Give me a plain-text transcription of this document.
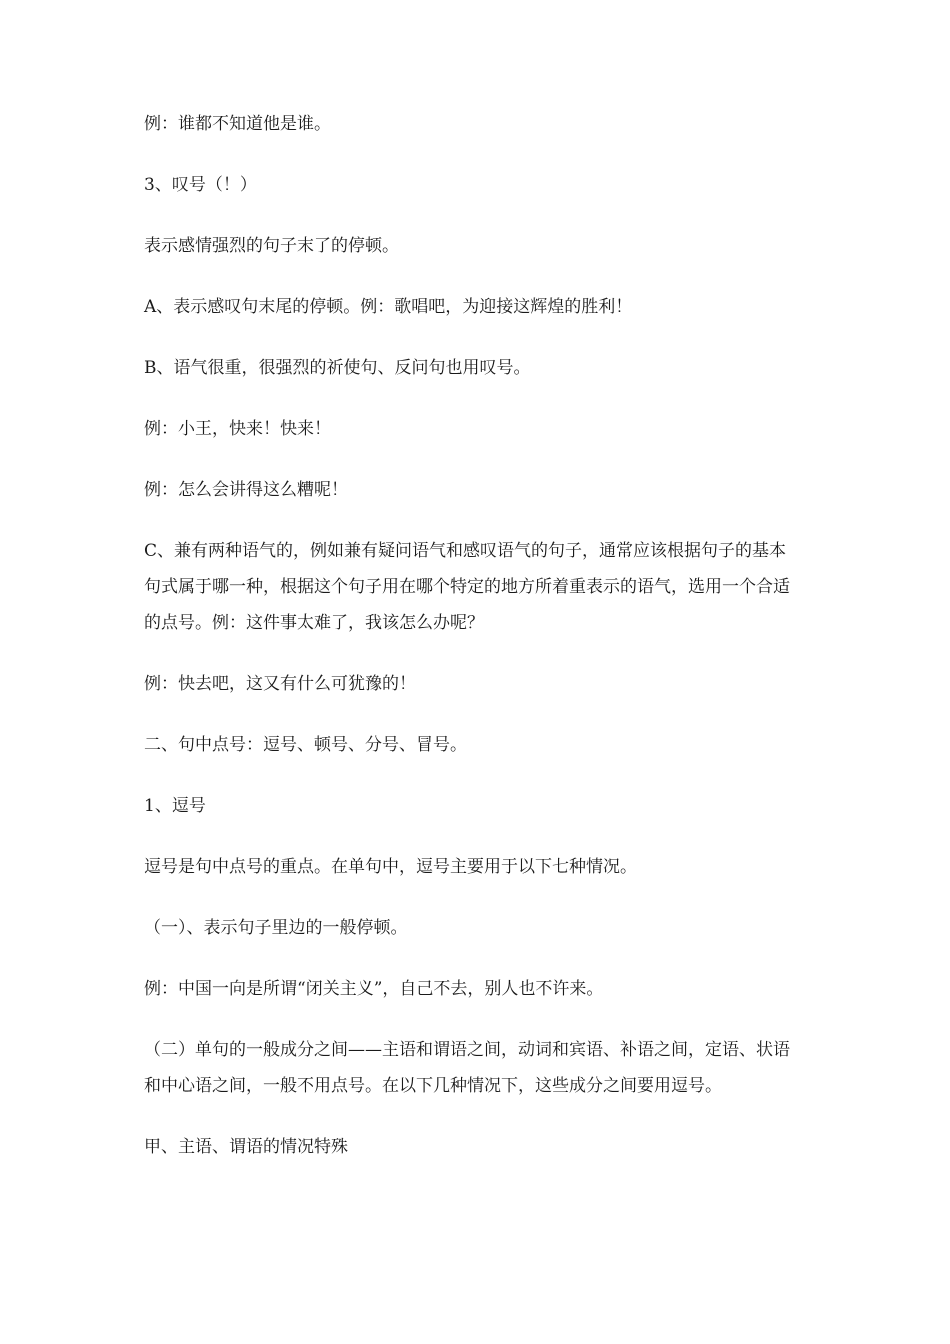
例：谁都不知道他是谁。

3、叹号（！）

表示感情强烈的句子末了的停顿。

A、表示感叹句末尾的停顿。例：歌唱吧，为迎接这辉煌的胜利！

B、语气很重，很强烈的祈使句、反问句也用叹号。

例：小王，快来！快来！

例：怎么会讲得这么糟呢！

C、兼有两种语气的，例如兼有疑问语气和感叹语气的句子，通常应该根据句子的基本　句式属于哪一种，根据这个句子用在哪个特定的地方所着重表示的语气，选用一个合适的点号。例：这件事太难了，我该怎么办呢？

例：快去吧，这又有什么可犹豫的！

二、句中点号：逗号、顿号、分号、冒号。

1、逗号

逗号是句中点号的重点。在单句中，逗号主要用于以下七种情况。

（一）、表示句子里边的一般停顿。

例：中国一向是所谓“闭关主义”，自己不去，别人也不许来。

（二）单句的一般成分之间——主语和谓语之间，动词和宾语、补语之间，定语、状语和中心语之间，一般不用点号。在以下几种情况下，这些成分之间要用逗号。

甲、主语、谓语的情况特殊
